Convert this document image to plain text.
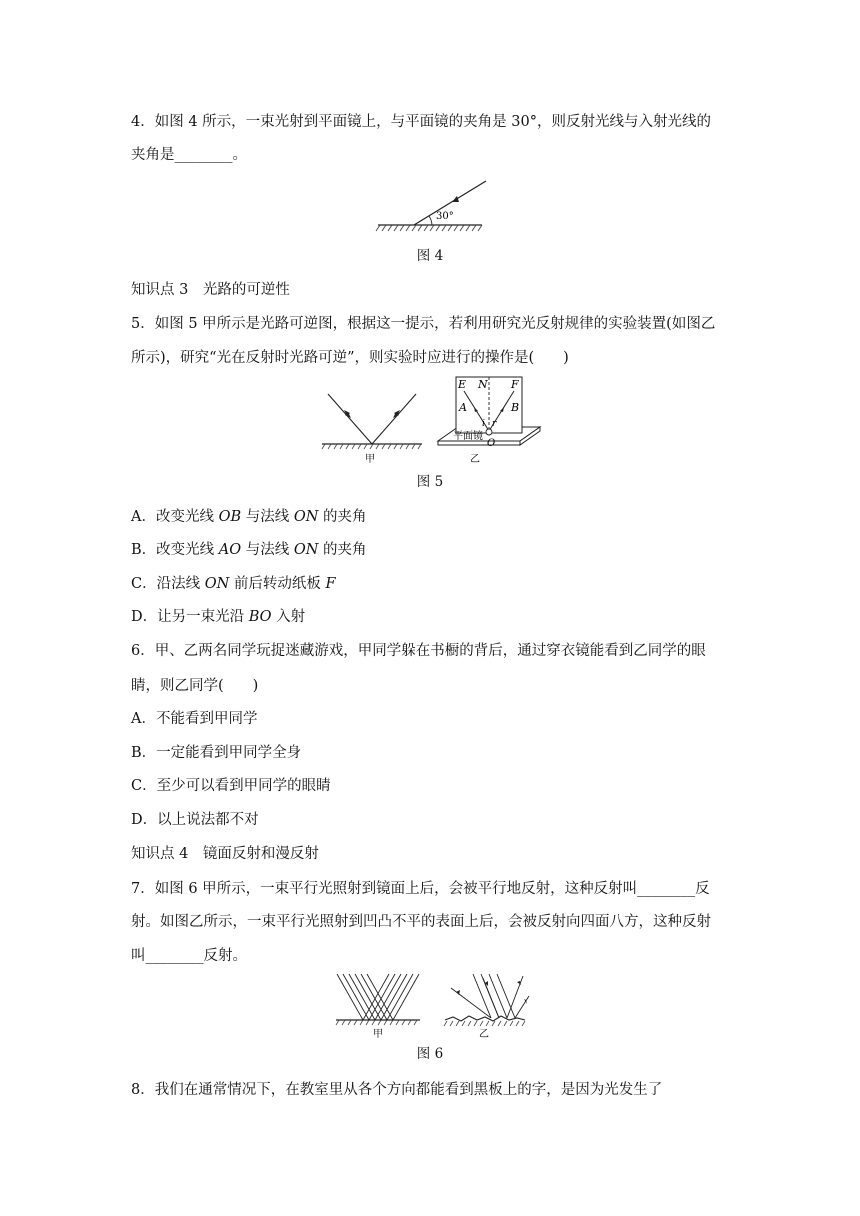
4．如图 4 所示，一束光射到平面镜上，与平面镜的夹角是 30°，则反射光线与入射光线的
夹角是________。
30°
图 4
知识点 3　光路的可逆性
5．如图 5 甲所示是光路可逆图，根据这一提示，若利用研究光反射规律的实验装置(如图乙
所示)，研究“光在反射时光路可逆”，则实验时应进行的操作是(　　)
甲
E N F
A	B
i r
O
平面镜
乙
图 5
A．改变光线 OB 与法线 ON 的夹角
B．改变光线 AO 与法线 ON 的夹角
C．沿法线 ON 前后转动纸板 F
D．让另一束光沿 BO 入射
6．甲、乙两名同学玩捉迷藏游戏，甲同学躲在书橱的背后，通过穿衣镜能看到乙同学的眼
睛，则乙同学(　　)
A．不能看到甲同学
B．一定能看到甲同学全身
C．至少可以看到甲同学的眼睛
D．以上说法都不对
知识点 4　镜面反射和漫反射
7．如图 6 甲所示，一束平行光照射到镜面上后，会被平行地反射，这种反射叫________反
射。如图乙所示，一束平行光照射到凹凸不平的表面上后，会被反射向四面八方，这种反射
叫________反射。
甲	乙
图 6
8．我们在通常情况下，在教室里从各个方向都能看到黑板上的字，是因为光发生了
